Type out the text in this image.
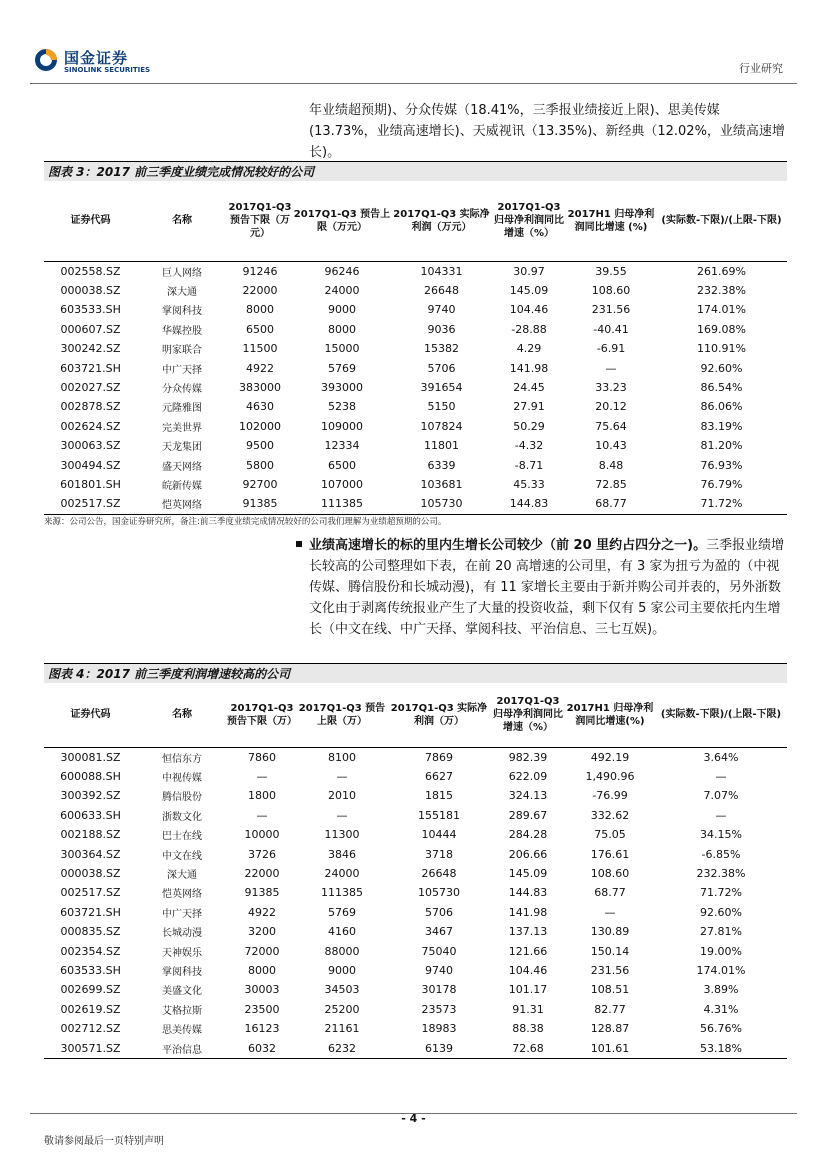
国金证券
SINOLINK SECURITIES	行业研究
年业绩超预期)、分众传媒（18.41%，三季报业绩接近上限)、思美传媒(13.73%，业绩高速增长)、天威视讯（13.35%)、新经典（12.02%，业绩高速增长)。
图表 3：2017 前三季度业绩完成情况较好的公司
证券代码	名称	2017Q1-Q3 预告下限（万元）	2017Q1-Q3 预告上限（万元）	2017Q1-Q3 实际净利润（万元）	2017Q1-Q3 归母净利润同比增速（%）	2017H1 归母净利润同比增速 (%)	(实际数-下限)/(上限-下限)
002558.SZ	巨人网络	91246	96246	104331	30.97	39.55	261.69%
000038.SZ	深大通	22000	24000	26648	145.09	108.60	232.38%
603533.SH	掌阅科技	8000	9000	9740	104.46	231.56	174.01%
000607.SZ	华媒控股	6500	8000	9036	-28.88	-40.41	169.08%
300242.SZ	明家联合	11500	15000	15382	4.29	-6.91	110.91%
603721.SH	中广天择	4922	5769	5706	141.98	—	92.60%
002027.SZ	分众传媒	383000	393000	391654	24.45	33.23	86.54%
002878.SZ	元隆雅图	4630	5238	5150	27.91	20.12	86.06%
002624.SZ	完美世界	102000	109000	107824	50.29	75.64	83.19%
300063.SZ	天龙集团	9500	12334	11801	-4.32	10.43	81.20%
300494.SZ	盛天网络	5800	6500	6339	-8.71	8.48	76.93%
601801.SH	皖新传媒	92700	107000	103681	45.33	72.85	76.79%
002517.SZ	恺英网络	91385	111385	105730	144.83	68.77	71.72%
来源：公司公告，国金证券研究所，备注:前三季度业绩完成情况较好的公司我们理解为业绩超预期的公司。
业绩高速增长的标的里内生增长公司较少（前 20 里约占四分之一)。三季报业绩增长较高的公司整理如下表，在前 20 高增速的公司里，有 3 家为扭亏为盈的（中视传媒、腾信股份和长城动漫)，有 11 家增长主要由于新并购公司并表的，另外浙数文化由于剥离传统报业产生了大量的投资收益，剩下仅有 5 家公司主要依托内生增长（中文在线、中广天择、掌阅科技、平治信息、三七互娱)。
图表 4：2017 前三季度利润增速较高的公司
证券代码	名称	2017Q1-Q3 预告下限（万）	2017Q1-Q3 预告上限（万）	2017Q1-Q3 实际净利润（万）	2017Q1-Q3 归母净利润同比增速（%）	2017H1 归母净利润同比增速(%)	(实际数-下限)/(上限-下限)
300081.SZ	恒信东方	7860	8100	7869	982.39	492.19	3.64%
600088.SH	中视传媒	—	—	6627	622.09	1,490.96	—
300392.SZ	腾信股份	1800	2010	1815	324.13	-76.99	7.07%
600633.SH	浙数文化	—	—	155181	289.67	332.62	—
002188.SZ	巴士在线	10000	11300	10444	284.28	75.05	34.15%
300364.SZ	中文在线	3726	3846	3718	206.66	176.61	-6.85%
000038.SZ	深大通	22000	24000	26648	145.09	108.60	232.38%
002517.SZ	恺英网络	91385	111385	105730	144.83	68.77	71.72%
603721.SH	中广天择	4922	5769	5706	141.98	—	92.60%
000835.SZ	长城动漫	3200	4160	3467	137.13	130.89	27.81%
002354.SZ	天神娱乐	72000	88000	75040	121.66	150.14	19.00%
603533.SH	掌阅科技	8000	9000	9740	104.46	231.56	174.01%
002699.SZ	美盛文化	30003	34503	30178	101.17	108.51	3.89%
002619.SZ	艾格拉斯	23500	25200	23573	91.31	82.77	4.31%
002712.SZ	思美传媒	16123	21161	18983	88.38	128.87	56.76%
300571.SZ	平治信息	6032	6232	6139	72.68	101.61	53.18%
- 4 -
敬请参阅最后一页特别声明
